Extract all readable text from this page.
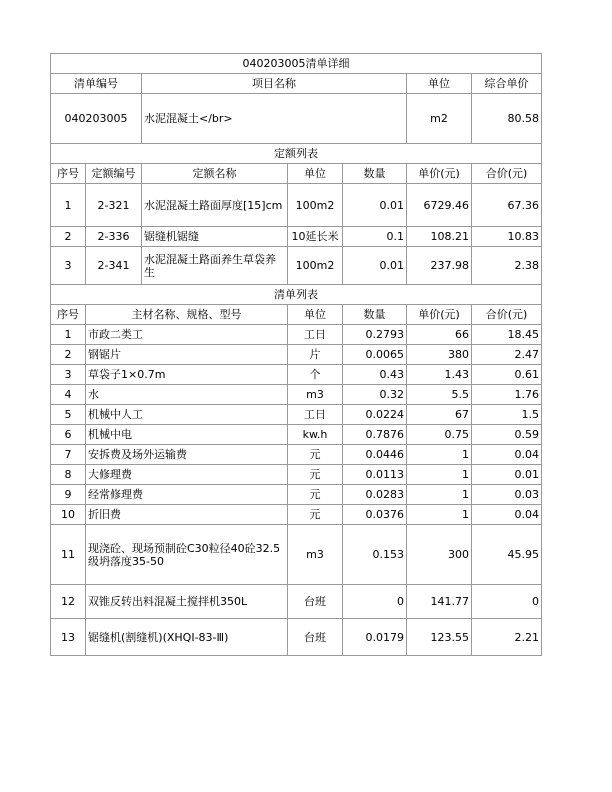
040203005清单详细						
清单编号		项目名称			单位	综合单价
040203005		水泥混凝土</br>			m2	80.58
定额列表						
序号	定额编号	定额名称	单位	数量	单价(元)	合价(元)
1	2-321	水泥混凝土路面厚度[15]cm	100m2	0.01	6729.46	67.36
2	2-336	锯缝机锯缝	10延长米	0.1	108.21	10.83
3	2-341	水泥混凝土路面养生草袋养生	100m2	0.01	237.98	2.38
清单列表						
序号	主材名称、规格、型号		单位	数量	单价(元)	合价(元)
1	市政二类工		工日	0.2793	66	18.45
2	钢锯片		片	0.0065	380	2.47
3	草袋子1×0.7m		个	0.43	1.43	0.61
4	水		m3	0.32	5.5	1.76
5	机械中人工		工日	0.0224	67	1.5
6	机械中电		kw.h	0.7876	0.75	0.59
7	安拆费及场外运输费		元	0.0446	1	0.04
8	大修理费		元	0.0113	1	0.01
9	经常修理费		元	0.0283	1	0.03
10	折旧费		元	0.0376	1	0.04
11	现浇砼、现场预制砼C30粒径40砼32.5级坍落度35-50		m3	0.153	300	45.95
12	双锥反转出料混凝土搅拌机350L		台班	0	141.77	0
13	锯缝机(割缝机)(XHQI-83-Ⅲ)		台班	0.0179	123.55	2.21
